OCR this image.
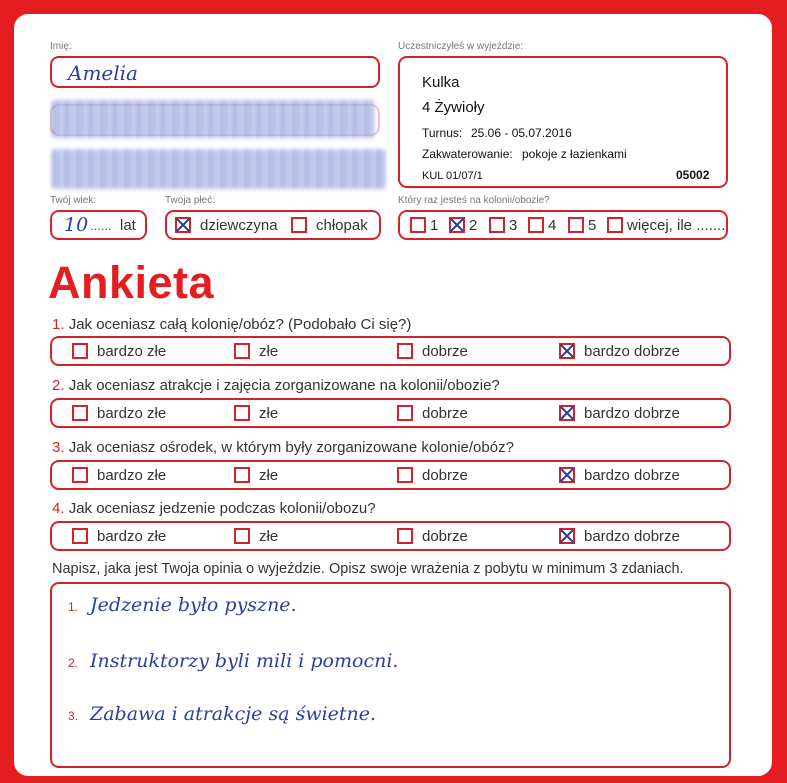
Imię:
Amelia
Twój wiek:
10 ...... lat
Twoja płeć:
dziewczyna	chłopak
Uczestniczyłeś w wyjeździe:
Kulka
4 Żywioły
Turnus: 25.06 - 05.07.2016
Zakwaterowanie: pokoje z łazienkami
KUL 01/07/1	05002
Który raz jesteś na kolonii/obozie?
1 2 3 4 5 więcej, ile .......
Ankieta
1. Jak oceniasz całą kolonię/obóz? (Podobało Ci się?)
bardzo złe	złe	dobrze	bardzo dobrze
2. Jak oceniasz atrakcje i zajęcia zorganizowane na kolonii/obozie?
bardzo złe	złe	dobrze	bardzo dobrze
3. Jak oceniasz ośrodek, w którym były zorganizowane kolonie/obóz?
bardzo złe	złe	dobrze	bardzo dobrze
4. Jak oceniasz jedzenie podczas kolonii/obozu?
bardzo złe	złe	dobrze	bardzo dobrze
Napisz, jaka jest Twoja opinia o wyjeździe. Opisz swoje wrażenia z pobytu w minimum 3 zdaniach.
1. Jedzenie było pyszne.
2. Instruktorzy byli mili i pomocni.
3. Zabawa i atrakcje są świetne.
